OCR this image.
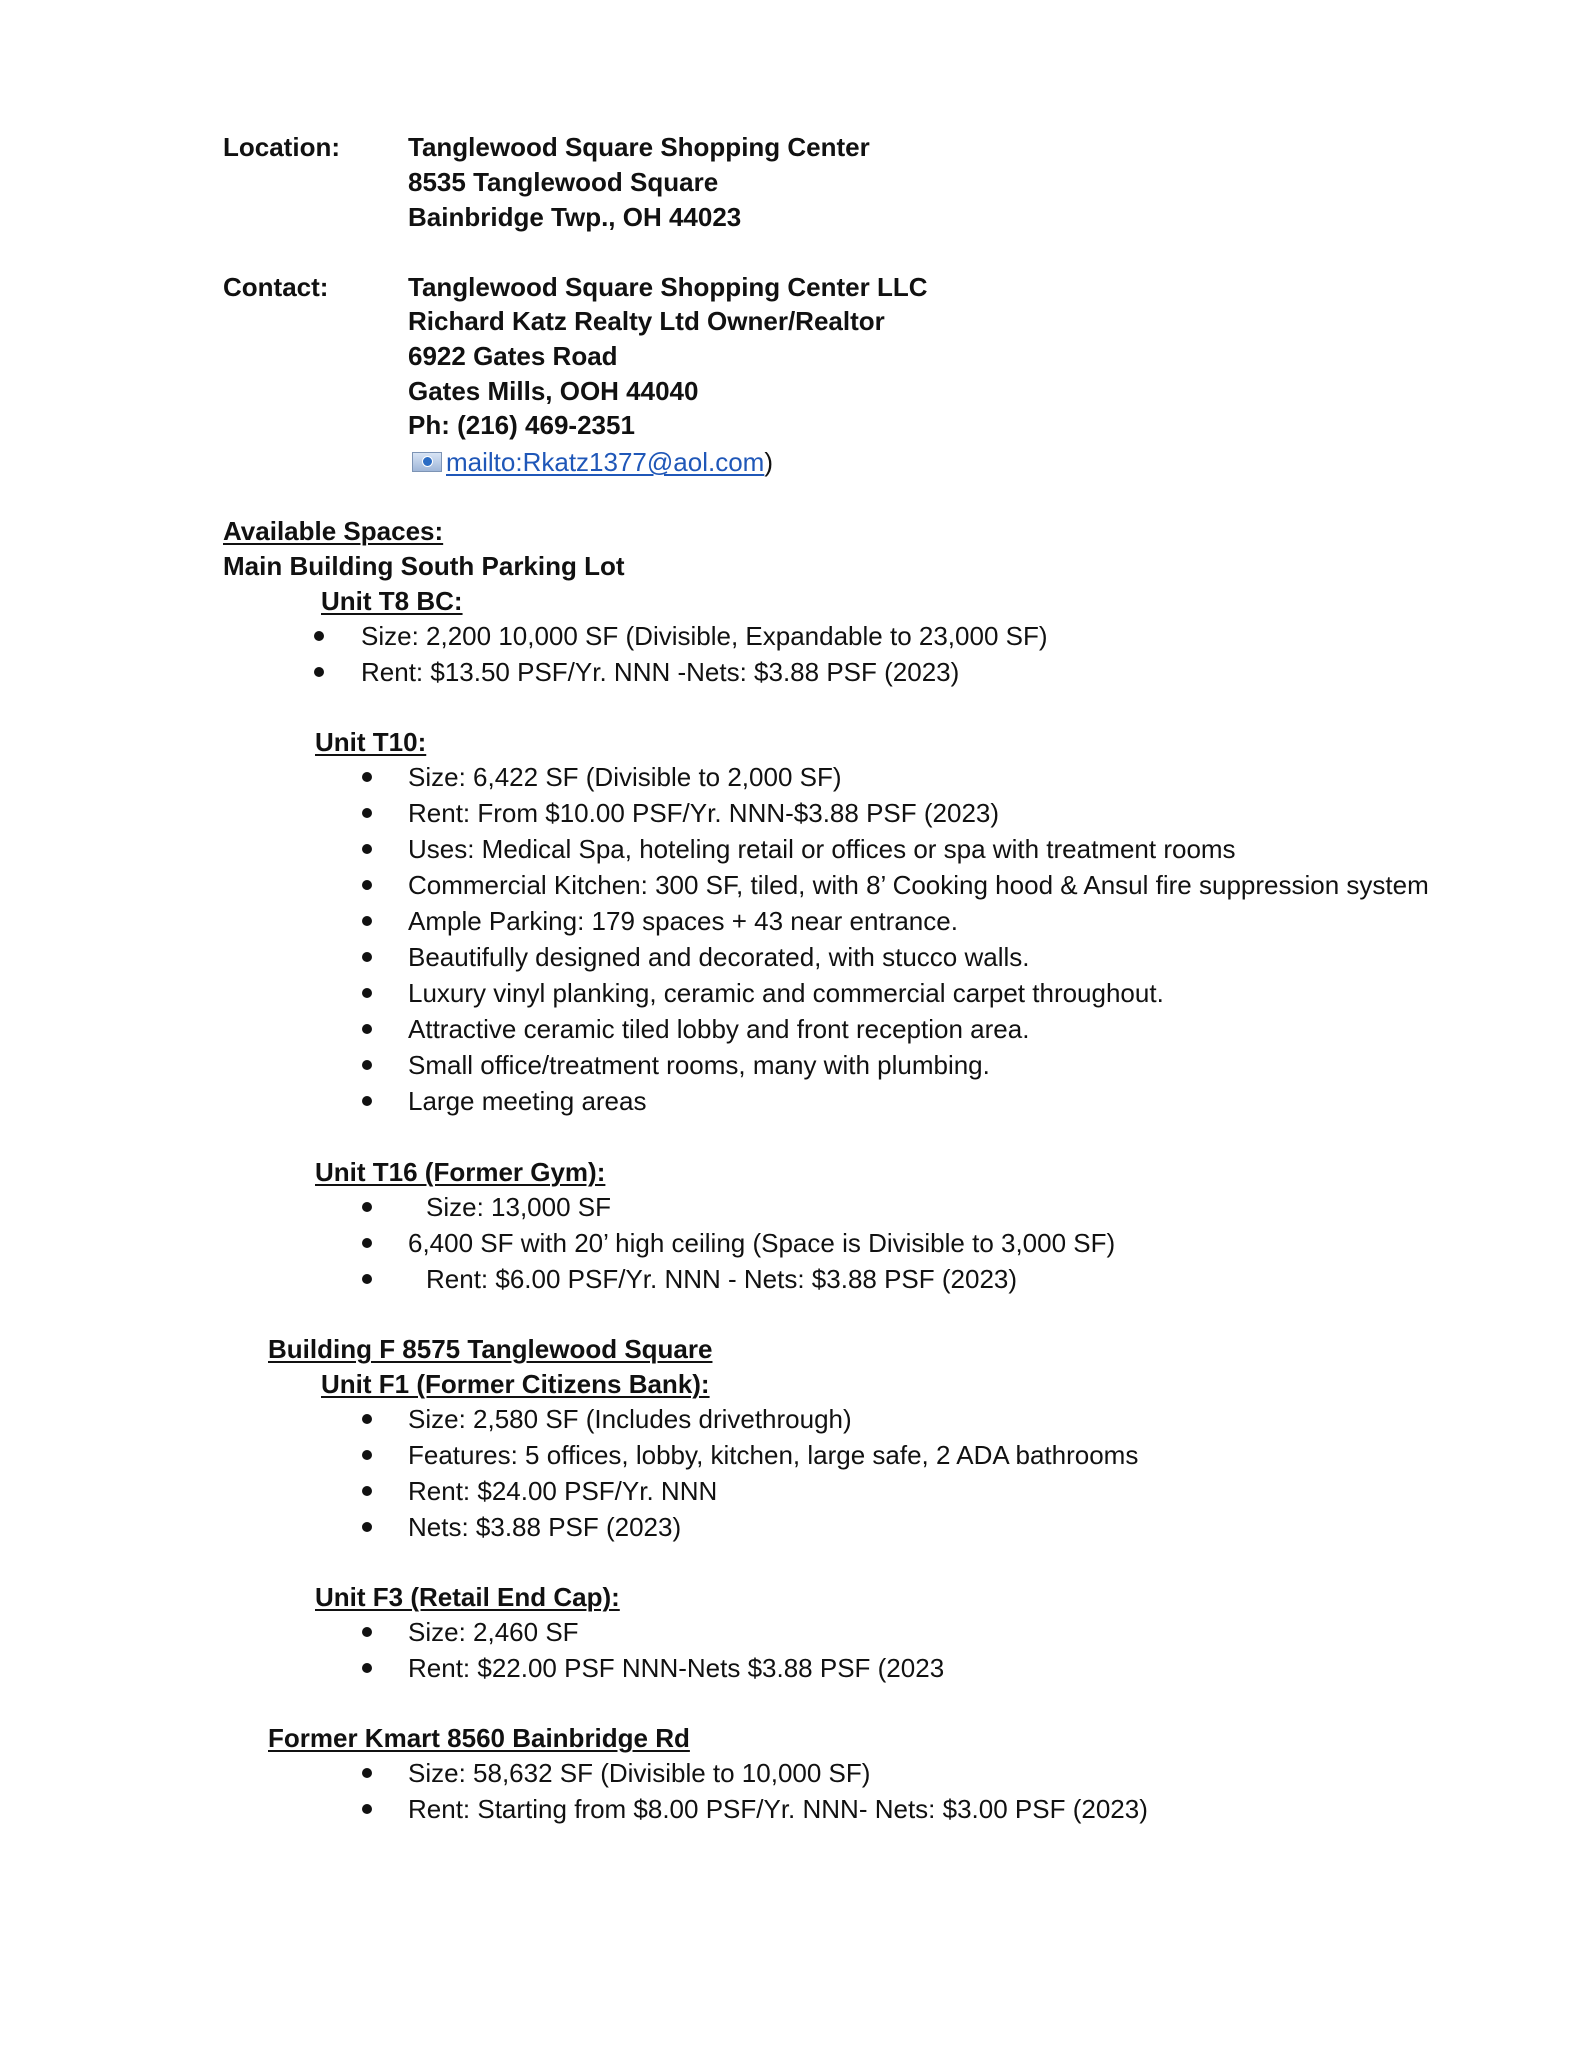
Location:	Tanglewood Square Shopping Center
8535 Tanglewood Square
Bainbridge Twp., OH 44023
Contact:	Tanglewood Square Shopping Center LLC
Richard Katz Realty Ltd Owner/Realtor
6922 Gates Road
Gates Mills, OOH 44040
Ph: (216) 469-2351
mailto:Rkatz1377@aol.com)
Available Spaces:
Main Building South Parking Lot
Unit T8 BC:
Size: 2,200 10,000 SF (Divisible, Expandable to 23,000 SF)
Rent: $13.50 PSF/Yr. NNN -Nets: $3.88 PSF (2023)
Unit T10:
Size: 6,422 SF (Divisible to 2,000 SF)
Rent: From $10.00 PSF/Yr. NNN-$3.88 PSF (2023)
Uses: Medical Spa, hoteling retail or offices or spa with treatment rooms
Commercial Kitchen: 300 SF, tiled, with 8’ Cooking hood & Ansul fire suppression system
Ample Parking: 179 spaces + 43 near entrance.
Beautifully designed and decorated, with stucco walls.
Luxury vinyl planking, ceramic and commercial carpet throughout.
Attractive ceramic tiled lobby and front reception area.
Small office/treatment rooms, many with plumbing.
Large meeting areas
Unit T16 (Former Gym):
Size: 13,000 SF
6,400 SF with 20’ high ceiling (Space is Divisible to 3,000 SF)
Rent: $6.00 PSF/Yr. NNN - Nets: $3.88 PSF (2023)
Building F 8575 Tanglewood Square
Unit F1 (Former Citizens Bank):
Size: 2,580 SF (Includes drivethrough)
Features: 5 offices, lobby, kitchen, large safe, 2 ADA bathrooms
Rent: $24.00 PSF/Yr. NNN
Nets: $3.88 PSF (2023)
Unit F3 (Retail End Cap):
Size: 2,460 SF
Rent: $22.00 PSF NNN-Nets $3.88 PSF (2023
Former Kmart 8560 Bainbridge Rd
Size: 58,632 SF (Divisible to 10,000 SF)
Rent: Starting from $8.00 PSF/Yr. NNN- Nets: $3.00 PSF (2023)
